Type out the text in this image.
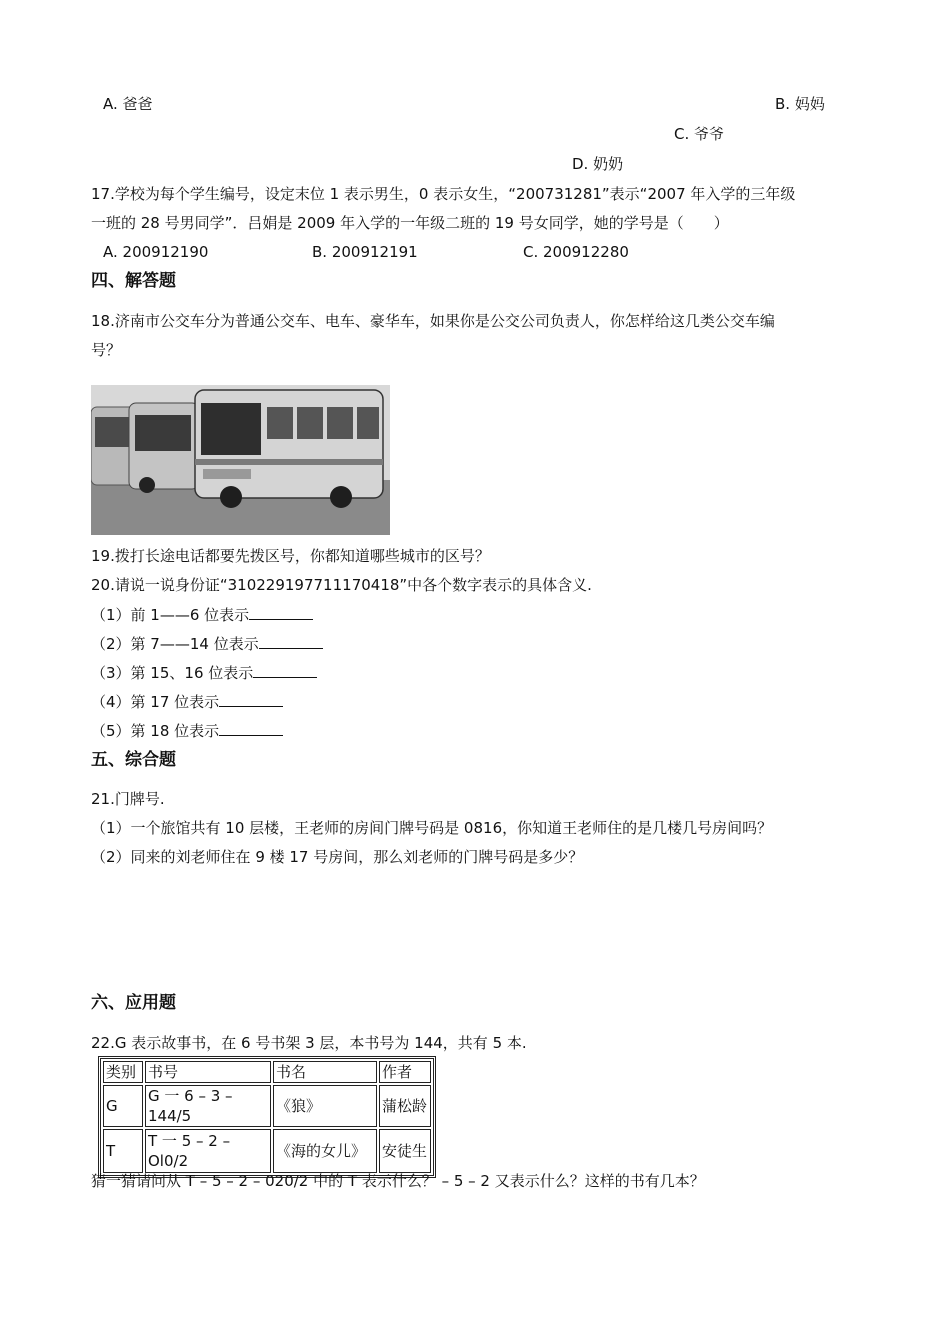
A. 爸爸	B. 妈妈
C. 爷爷
D. 奶奶
17.学校为每个学生编号，设定末位 1 表示男生，0 表示女生，“200731281”表示“2007 年入学的三年级
一班的 28 号男同学”．吕娟是 2009 年入学的一年级二班的 19 号女同学，她的学号是（　　）
A. 200912190	B. 200912191	C. 200912280
四、解答题
18.济南市公交车分为普通公交车、电车、豪华车，如果你是公交公司负责人，你怎样给这几类公交车编
号？
19.拨打长途电话都要先拨区号，你都知道哪些城市的区号？
20.请说一说身份证“310229197711170418”中各个数字表示的具体含义.
（1）前 1——6 位表示
（2）第 7——14 位表示
（3）第 15、16 位表示
（4）第 17 位表示
（5）第 18 位表示
五、综合题
21.门牌号.
（1）一个旅馆共有 10 层楼，王老师的房间门牌号码是 0816，你知道王老师住的是几楼几号房间吗？
（2）同来的刘老师住在 9 楼 17 号房间，那么刘老师的门牌号码是多少？
六、应用题
22.G 表示故事书，在 6 号书架 3 层，本书号为 144，共有 5 本.
类别	书号	书名	作者
G	G 一 6 – 3 – 144/5	《狼》	蒲松龄
T	T 一 5 – 2 – Ol0/2	《海的女儿》	安徒生
猜一猜请问从 T – 5 – 2 – 020/2 中的 T 表示什么？ – 5 – 2 又表示什么？这样的书有几本？
